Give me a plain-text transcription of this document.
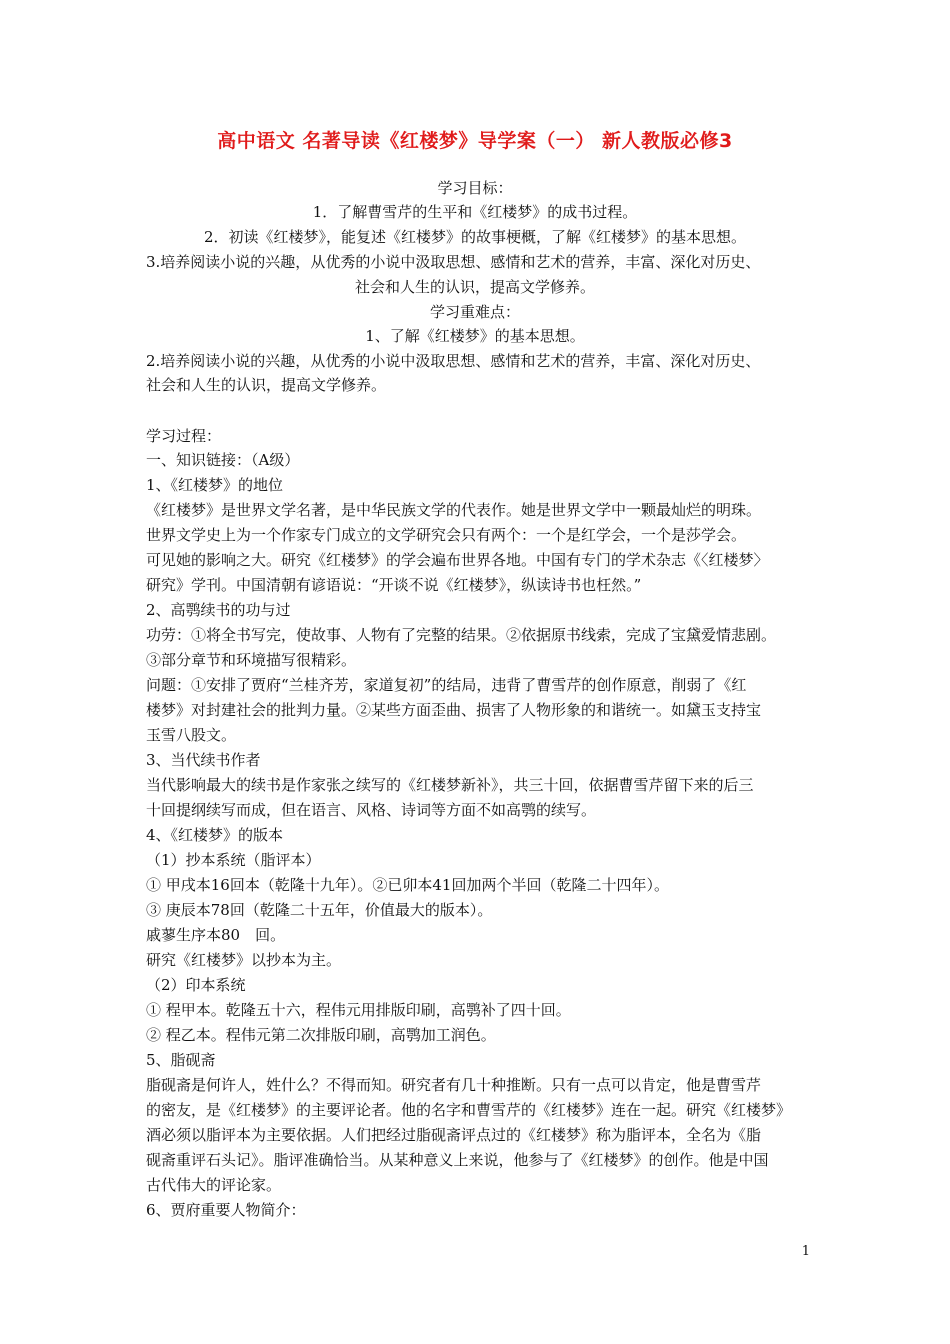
高中语文 名著导读《红楼梦》导学案（一） 新人教版必修3
学习目标：
1．了解曹雪芹的生平和《红楼梦》的成书过程。
2．初读《红楼梦》，能复述《红楼梦》的故事梗概，了解《红楼梦》的基本思想。
3.培养阅读小说的兴趣，从优秀的小说中汲取思想、感情和艺术的营养，丰富、深化对历史、
社会和人生的认识，提高文学修养。
学习重难点：
1、了解《红楼梦》的基本思想。
2.培养阅读小说的兴趣，从优秀的小说中汲取思想、感情和艺术的营养，丰富、深化对历史、
社会和人生的认识，提高文学修养。
学习过程：
一、知识链接：（A级）
1、《红楼梦》的地位
《红楼梦》是世界文学名著，是中华民族文学的代表作。她是世界文学中一颗最灿烂的明珠。
世界文学史上为一个作家专门成立的文学研究会只有两个：一个是红学会，一个是莎学会。
可见她的影响之大。研究《红楼梦》的学会遍布世界各地。中国有专门的学术杂志《〈红楼梦〉
研究》学刊。中国清朝有谚语说：“开谈不说《红楼梦》，纵读诗书也枉然。”
2、高鹗续书的功与过
功劳：①将全书写完，使故事、人物有了完整的结果。②依据原书线索，完成了宝黛爱情悲剧。
③部分章节和环境描写很精彩。
问题：①安排了贾府“兰桂齐芳，家道复初”的结局，违背了曹雪芹的创作原意，削弱了《红
楼梦》对封建社会的批判力量。②某些方面歪曲、损害了人物形象的和谐统一。如黛玉支持宝
玉雪八股文。
3、当代续书作者
当代影响最大的续书是作家张之续写的《红楼梦新补》，共三十回，依据曹雪芹留下来的后三
十回提纲续写而成，但在语言、风格、诗词等方面不如高鹗的续写。
4、《红楼梦》的版本
（1）抄本系统（脂评本）
① 甲戌本16回本（乾隆十九年）。②已卯本41回加两个半回（乾隆二十四年）。
③ 庚辰本78回（乾隆二十五年，价值最大的版本）。
戚蓼生序本80　回。
研究《红楼梦》以抄本为主。
（2）印本系统
① 程甲本。乾隆五十六，程伟元用排版印刷，高鹗补了四十回。
② 程乙本。程伟元第二次排版印刷，高鹗加工润色。
5、脂砚斋
脂砚斋是何许人，姓什么？不得而知。研究者有几十种推断。只有一点可以肯定，他是曹雪芹
的密友，是《红楼梦》的主要评论者。他的名字和曹雪芹的《红楼梦》连在一起。研究《红楼梦》
酒必须以脂评本为主要依据。人们把经过脂砚斋评点过的《红楼梦》称为脂评本，全名为《脂
砚斋重评石头记》。脂评准确恰当。从某种意义上来说，他参与了《红楼梦》的创作。他是中国
古代伟大的评论家。
6、贾府重要人物简介：
1
